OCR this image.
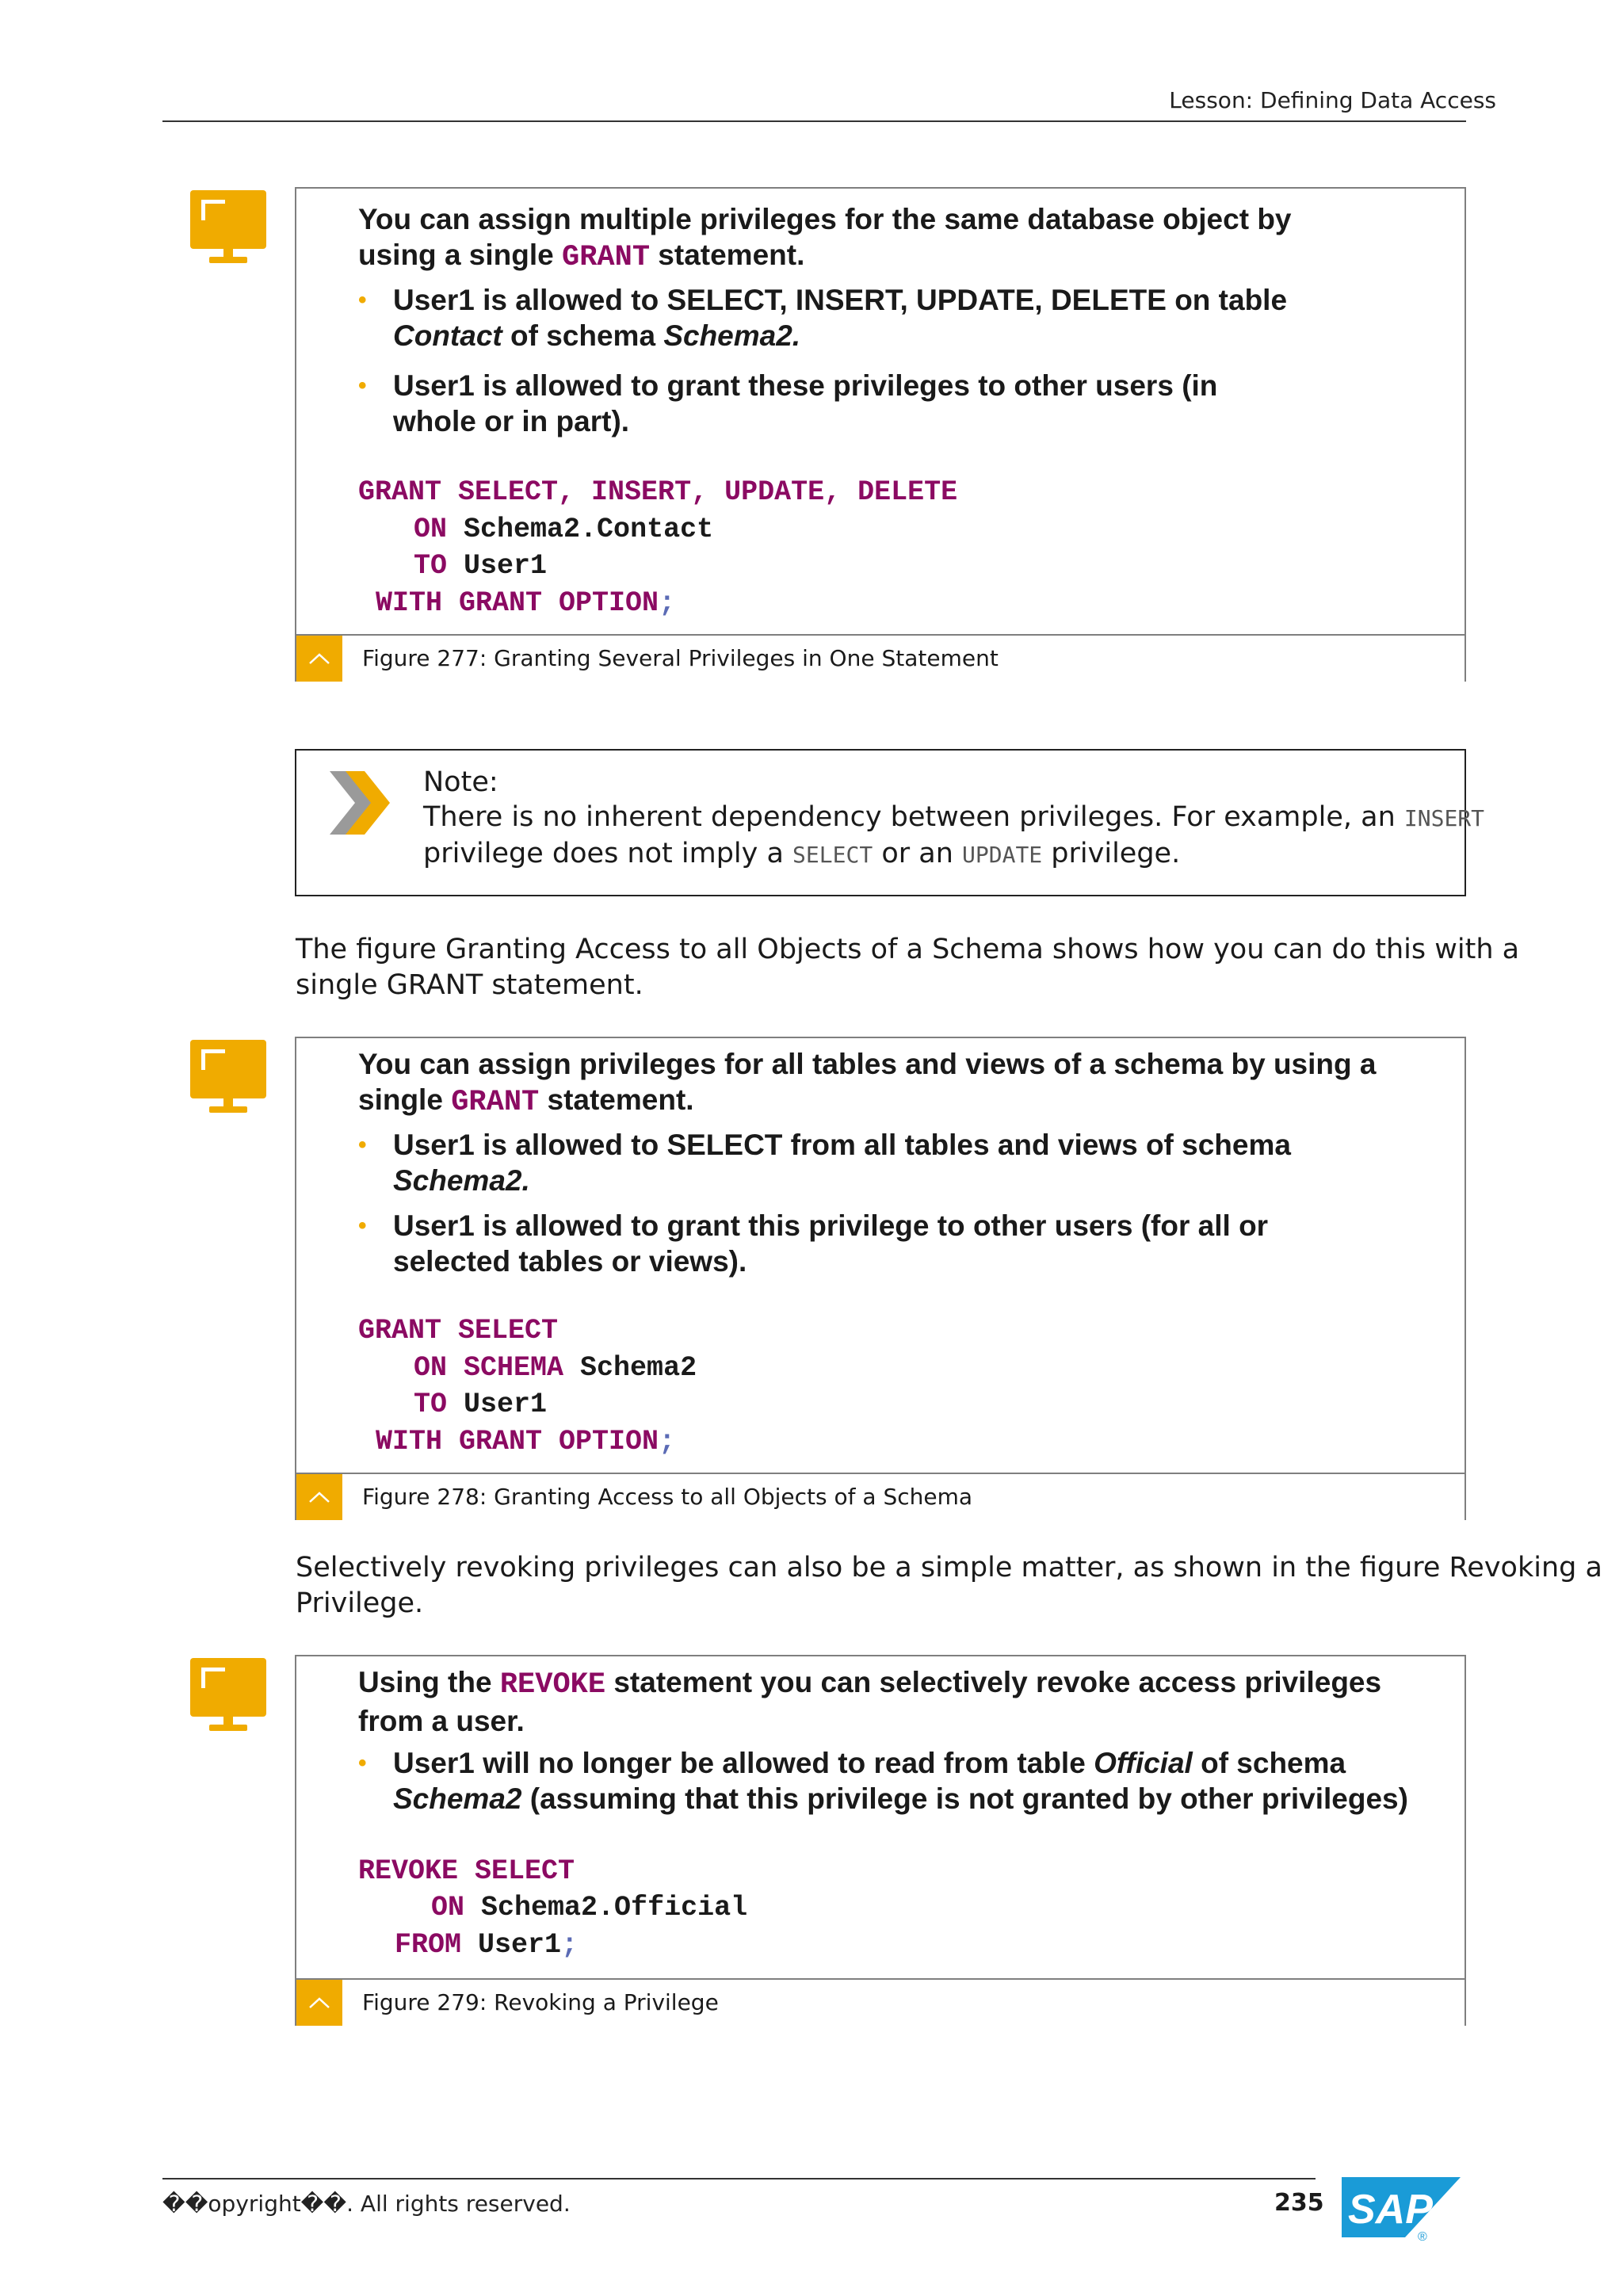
Lesson: Defining Data Access
You can assign multiple privileges for the same database object by using a single GRANT statement.
• User1 is allowed to SELECT, INSERT, UPDATE, DELETE on table
Contact of schema Schema2.
• User1 is allowed to grant these privileges to other users (in whole or in part).
GRANT SELECT, INSERT, UPDATE, DELETE
ON Schema2.Contact
TO User1
WITH GRANT OPTION;
Figure 277: Granting Several Privileges in One Statement
Note:
There is no inherent dependency between privileges. For example, an INSERT
privilege does not imply a SELECT or an UPDATE privilege.
The figure Granting Access to all Objects of a Schema shows how you can do this with a single GRANT statement.
You can assign privileges for all tables and views of a schema by using a single GRANT statement.
• User1 is allowed to SELECT from all tables and views of schema Schema2.
• User1 is allowed to grant this privilege to other users (for all or selected tables or views).
GRANT SELECT
ON SCHEMA Schema2
TO User1
WITH GRANT OPTION;
Figure 278: Granting Access to all Objects of a Schema
Selectively revoking privileges can also be a simple matter, as shown in the figure Revoking a Privilege.
Using the REVOKE statement you can selectively revoke access privileges from a user.
• User1 will no longer be allowed to read from table Official of schema Schema2 (assuming that this privilege is not granted by other privileges)
REVOKE SELECT
ON Schema2.Official
FROM User1;
Figure 279: Revoking a Privilege
��opyright��. All rights reserved.	235 SAP
®
